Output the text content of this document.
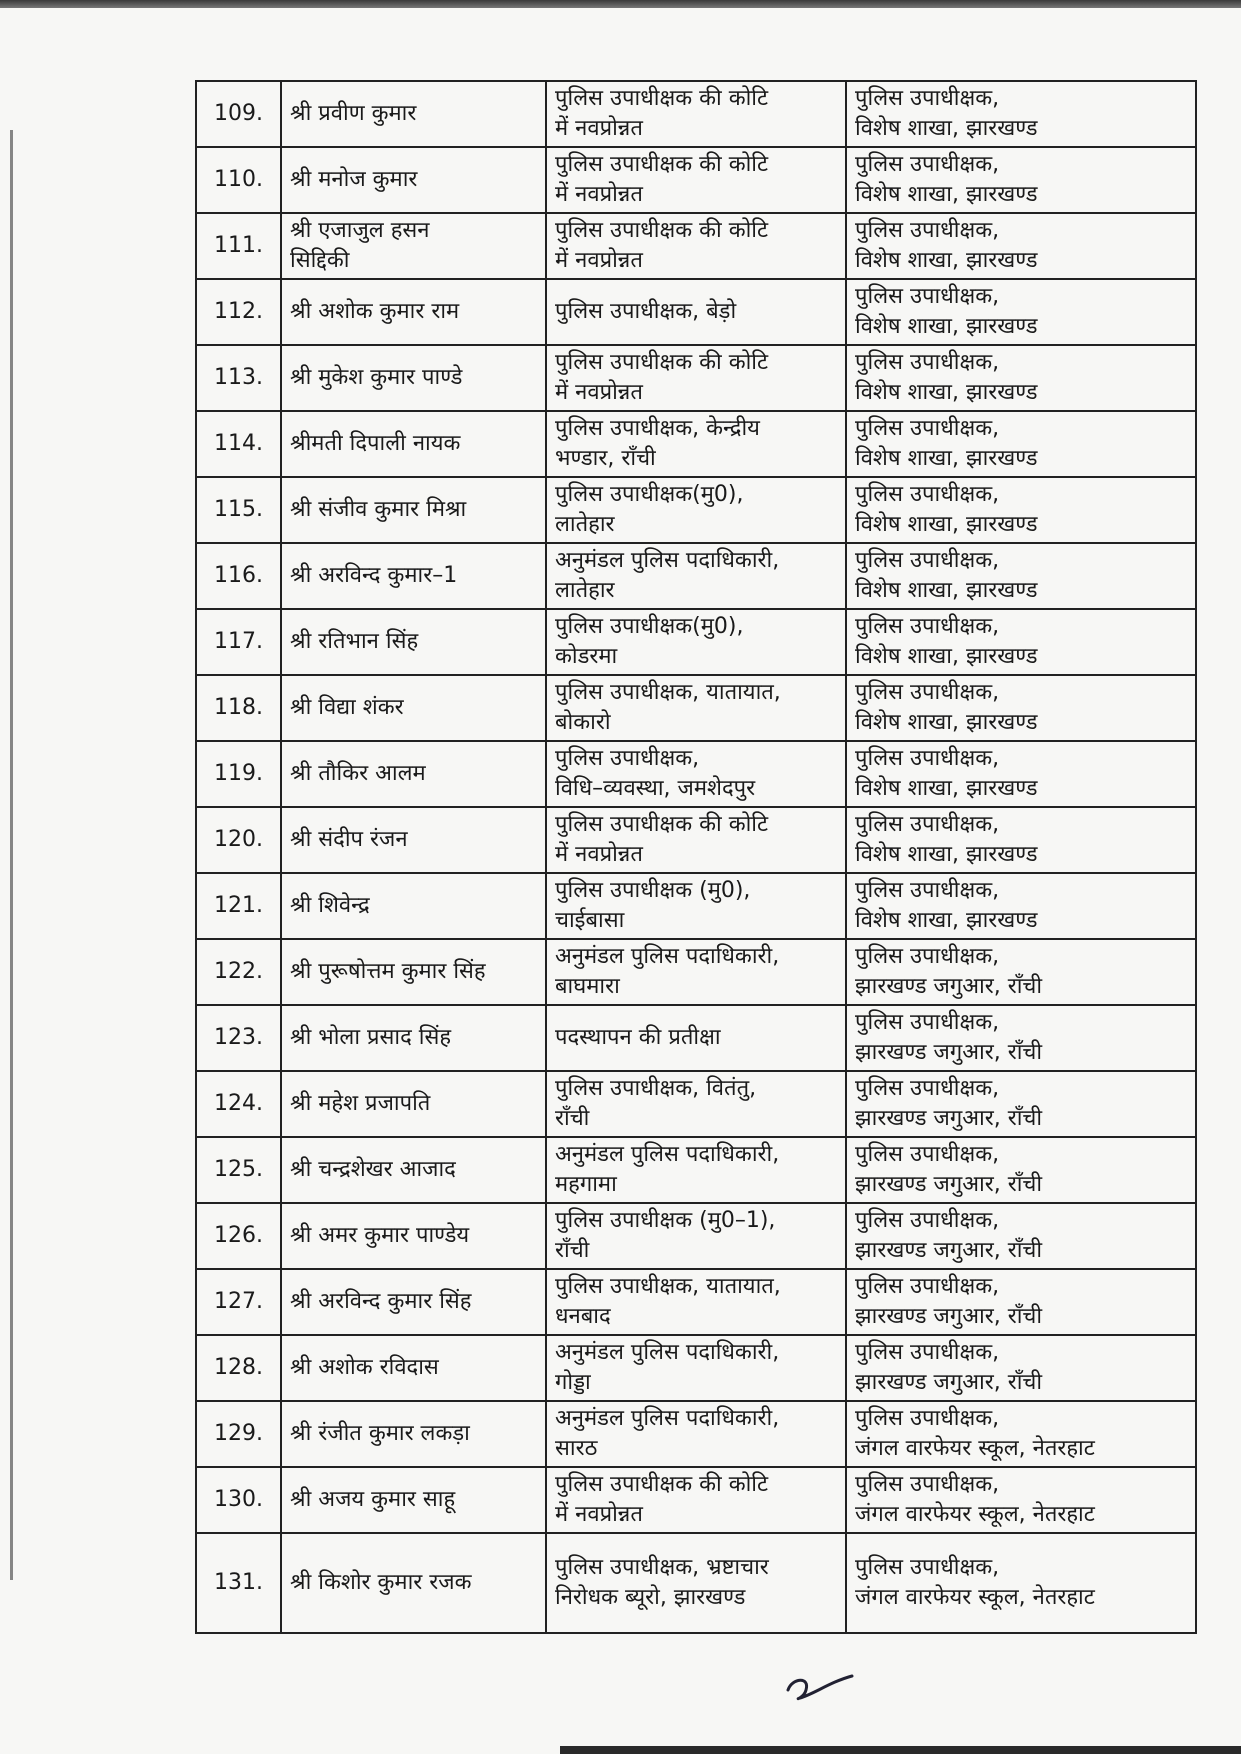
109.	श्री प्रवीण कुमार	पुलिस उपाधीक्षक की कोटि
में नवप्रोन्नत	पुलिस उपाधीक्षक,
विशेष शाखा, झारखण्ड

110.	श्री मनोज कुमार	पुलिस उपाधीक्षक की कोटि
में नवप्रोन्नत	पुलिस उपाधीक्षक,
विशेष शाखा, झारखण्ड

111.	श्री एजाजुल हसन
सिद्दिकी	पुलिस उपाधीक्षक की कोटि
में नवप्रोन्नत	पुलिस उपाधीक्षक,
विशेष शाखा, झारखण्ड

112.	श्री अशोक कुमार राम	पुलिस उपाधीक्षक, बेड़ो	पुलिस उपाधीक्षक,
विशेष शाखा, झारखण्ड

113.	श्री मुकेश कुमार पाण्डे	पुलिस उपाधीक्षक की कोटि
में नवप्रोन्नत	पुलिस उपाधीक्षक,
विशेष शाखा, झारखण्ड

114.	श्रीमती दिपाली नायक	पुलिस उपाधीक्षक, केन्द्रीय
भण्डार, राँची	पुलिस उपाधीक्षक,
विशेष शाखा, झारखण्ड

115.	श्री संजीव कुमार मिश्रा	पुलिस उपाधीक्षक(मु0),
लातेहार	पुलिस उपाधीक्षक,
विशेष शाखा, झारखण्ड

116.	श्री अरविन्द कुमार–1	अनुमंडल पुलिस पदाधिकारी,
लातेहार	पुलिस उपाधीक्षक,
विशेष शाखा, झारखण्ड

117.	श्री रतिभान सिंह	पुलिस उपाधीक्षक(मु0),
कोडरमा	पुलिस उपाधीक्षक,
विशेष शाखा, झारखण्ड

118.	श्री विद्या शंकर	पुलिस उपाधीक्षक, यातायात,
बोकारो	पुलिस उपाधीक्षक,
विशेष शाखा, झारखण्ड

119.	श्री तौकिर आलम	पुलिस उपाधीक्षक,
विधि–व्यवस्था, जमशेदपुर	पुलिस उपाधीक्षक,
विशेष शाखा, झारखण्ड

120.	श्री संदीप रंजन	पुलिस उपाधीक्षक की कोटि
में नवप्रोन्नत	पुलिस उपाधीक्षक,
विशेष शाखा, झारखण्ड

121.	श्री शिवेन्द्र	पुलिस उपाधीक्षक (मु0),
चाईबासा	पुलिस उपाधीक्षक,
विशेष शाखा, झारखण्ड

122.	श्री पुरूषोत्तम कुमार सिंह	अनुमंडल पुलिस पदाधिकारी,
बाघमारा	पुलिस उपाधीक्षक,
झारखण्ड जगुआर, राँची

123.	श्री भोला प्रसाद सिंह	पदस्थापन की प्रतीक्षा	पुलिस उपाधीक्षक,
झारखण्ड जगुआर, राँची

124.	श्री महेश प्रजापति	पुलिस उपाधीक्षक, वितंतु,
राँची	पुलिस उपाधीक्षक,
झारखण्ड जगुआर, राँची

125.	श्री चन्द्रशेखर आजाद	अनुमंडल पुलिस पदाधिकारी,
महगामा	पुलिस उपाधीक्षक,
झारखण्ड जगुआर, राँची

126.	श्री अमर कुमार पाण्डेय	पुलिस उपाधीक्षक (मु0–1),
राँची	पुलिस उपाधीक्षक,
झारखण्ड जगुआर, राँची

127.	श्री अरविन्द कुमार सिंह	पुलिस उपाधीक्षक, यातायात,
धनबाद	पुलिस उपाधीक्षक,
झारखण्ड जगुआर, राँची

128.	श्री अशोक रविदास	अनुमंडल पुलिस पदाधिकारी,
गोड्डा	पुलिस उपाधीक्षक,
झारखण्ड जगुआर, राँची

129.	श्री रंजीत कुमार लकड़ा	अनुमंडल पुलिस पदाधिकारी,
सारठ	पुलिस उपाधीक्षक,
जंगल वारफेयर स्कूल, नेतरहाट

130.	श्री अजय कुमार साहू	पुलिस उपाधीक्षक की कोटि
में नवप्रोन्नत	पुलिस उपाधीक्षक,
जंगल वारफेयर स्कूल, नेतरहाट

131.	श्री किशोर कुमार रजक	पुलिस उपाधीक्षक, भ्रष्टाचार
निरोधक ब्यूरो, झारखण्ड	पुलिस उपाधीक्षक,
जंगल वारफेयर स्कूल, नेतरहाट
